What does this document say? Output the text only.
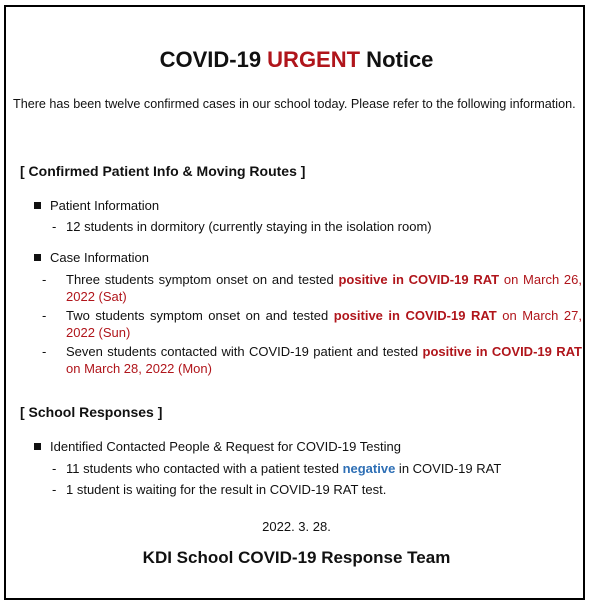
COVID-19 URGENT Notice

There has been twelve confirmed cases in our school today. Please refer to the following information.

[ Confirmed Patient Info & Moving Routes ]

Patient Information

- 12 students in dormitory (currently staying in the isolation room)

Case Information

-	Three students symptom onset on and tested positive in COVID-19 RAT on March 26, 2022 (Sat)

-	Two students symptom onset on and tested positive in COVID-19 RAT on March 27, 2022 (Sun)

-	Seven students contacted with COVID-19 patient and tested positive in COVID-19 RAT on March 28, 2022 (Mon)

[ School Responses ]

Identified Contacted People & Request for COVID-19 Testing

- 11 students who contacted with a patient tested negative in COVID-19 RAT

- 1 student is waiting for the result in COVID-19 RAT test.

2022. 3. 28.

KDI School COVID-19 Response Team
